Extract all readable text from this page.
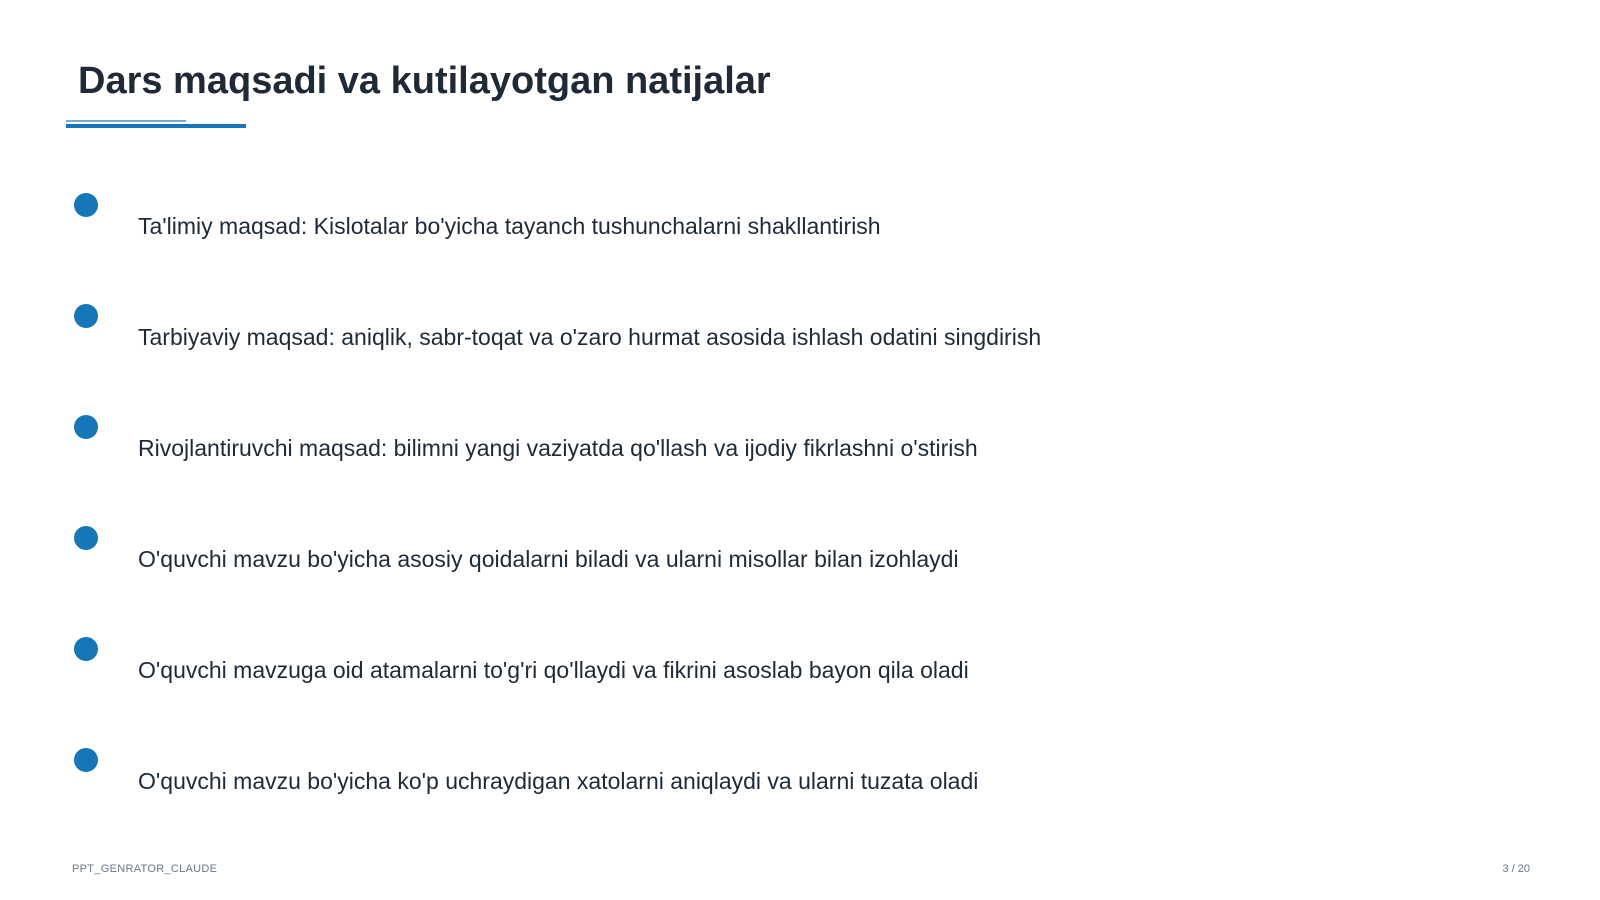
Dars maqsadi va kutilayotgan natijalar
Ta'limiy maqsad: Kislotalar bo'yicha tayanch tushunchalarni shakllantirish
Tarbiyaviy maqsad: aniqlik, sabr-toqat va o'zaro hurmat asosida ishlash odatini singdirish
Rivojlantiruvchi maqsad: bilimni yangi vaziyatda qo'llash va ijodiy fikrlashni o'stirish
O'quvchi mavzu bo'yicha asosiy qoidalarni biladi va ularni misollar bilan izohlaydi
O'quvchi mavzuga oid atamalarni to'g'ri qo'llaydi va fikrini asoslab bayon qila oladi
O'quvchi mavzu bo'yicha ko'p uchraydigan xatolarni aniqlaydi va ularni tuzata oladi
PPT_GENRATOR_CLAUDE	3 / 20
